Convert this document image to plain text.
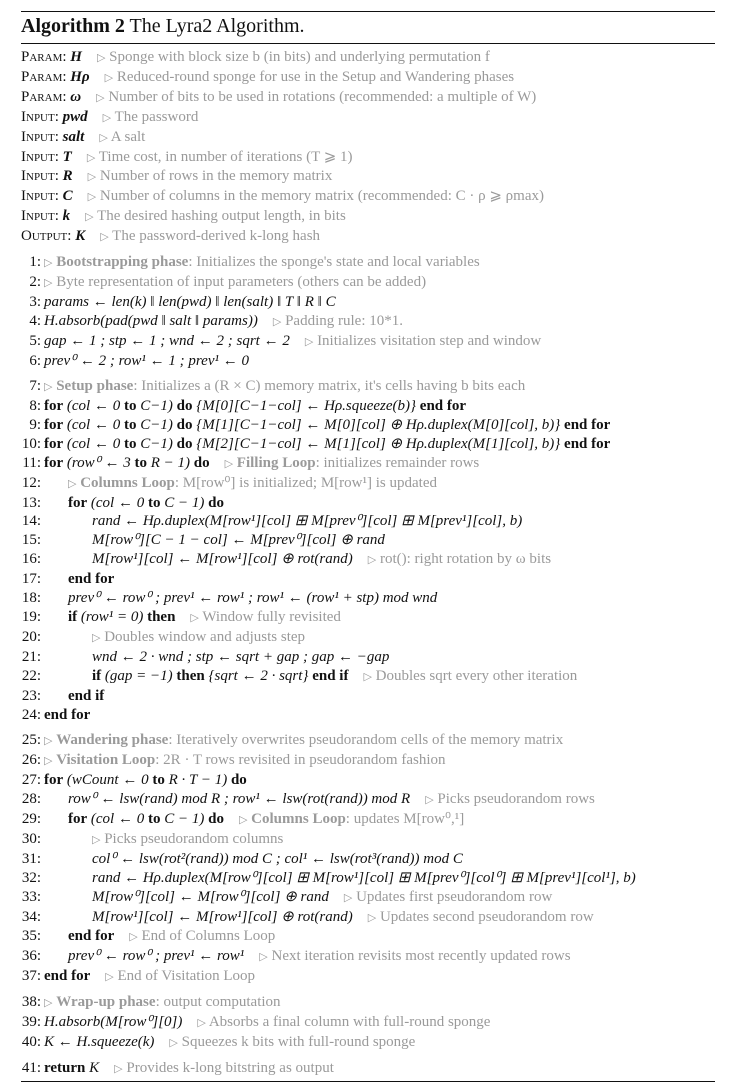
Algorithm 2 The Lyra2 Algorithm.
Param: H  ▷ Sponge with block size b (in bits) and underlying permutation f
Param: Hρ  ▷ Reduced-round sponge for use in the Setup and Wandering phases
Param: ω  ▷ Number of bits to be used in rotations (recommended: a multiple of W)
Input: pwd  ▷ The password
Input: salt  ▷ A salt
Input: T  ▷ Time cost, in number of iterations (T ⩾ 1)
Input: R  ▷ Number of rows in the memory matrix
Input: C  ▷ Number of columns in the memory matrix (recommended: C · ρ ⩾ ρmax)
Input: k  ▷ The desired hashing output length, in bits
Output: K  ▷ The password-derived k-long hash
1: ▷ Bootstrapping phase: Initializes the sponge's state and local variables
2: ▷ Byte representation of input parameters (others can be added)
3: params ← len(k) ‖ len(pwd) ‖ len(salt) ‖ T ‖ R ‖ C
4: H.absorb(pad(pwd ‖ salt ‖ params))  ▷ Padding rule: 10*1.
5: gap ← 1 ; stp ← 1 ; wnd ← 2 ; sqrt ← 2  ▷ Initializes visitation step and window
6: prev⁰ ← 2 ; row¹ ← 1 ; prev¹ ← 0
7: ▷ Setup phase: Initializes a (R × C) memory matrix, it's cells having b bits each
8: for (col ← 0 to C−1) do {M[0][C−1−col] ← Hρ.squeeze(b)} end for
9: for (col ← 0 to C−1) do {M[1][C−1−col] ← M[0][col] ⊕ Hρ.duplex(M[0][col], b)} end for
10: for (col ← 0 to C−1) do {M[2][C−1−col] ← M[1][col] ⊕ Hρ.duplex(M[1][col], b)} end for
11: for (row⁰ ← 3 to R − 1) do  ▷ Filling Loop: initializes remainder rows
12: ▷ Columns Loop: M[row⁰] is initialized; M[row¹] is updated
13: for (col ← 0 to C − 1) do
14:	rand ← Hρ.duplex(M[row¹][col] ⊞ M[prev⁰][col] ⊞ M[prev¹][col], b)
15:	M[row⁰][C − 1 − col] ← M[prev⁰][col] ⊕ rand
16:	M[row¹][col] ← M[row¹][col] ⊕ rot(rand)  ▷ rot(): right rotation by ω bits
17: end for
18: prev⁰ ← row⁰ ; prev¹ ← row¹ ; row¹ ← (row¹ + stp) mod wnd
19: if (row¹ = 0) then  ▷ Window fully revisited
20:	▷ Doubles window and adjusts step
21:	wnd ← 2 · wnd ; stp ← sqrt + gap ; gap ← −gap
22:	if (gap = −1) then {sqrt ← 2 · sqrt} end if  ▷ Doubles sqrt every other iteration
23: end if
24: end for
25: ▷ Wandering phase: Iteratively overwrites pseudorandom cells of the memory matrix
26: ▷ Visitation Loop: 2R · T rows revisited in pseudorandom fashion
27: for (wCount ← 0 to R · T − 1) do
28: row⁰ ← lsw(rand) mod R ; row¹ ← lsw(rot(rand)) mod R  ▷ Picks pseudorandom rows
29: for (col ← 0 to C − 1) do  ▷ Columns Loop: updates M[row⁰,¹]
30:	▷ Picks pseudorandom columns
31:	col⁰ ← lsw(rot²(rand)) mod C ; col¹ ← lsw(rot³(rand)) mod C
32:	rand ← Hρ.duplex(M[row⁰][col] ⊞ M[row¹][col] ⊞ M[prev⁰][col⁰] ⊞ M[prev¹][col¹], b)
33:	M[row⁰][col] ← M[row⁰][col] ⊕ rand  ▷ Updates first pseudorandom row
34:	M[row¹][col] ← M[row¹][col] ⊕ rot(rand)  ▷ Updates second pseudorandom row
35: end for  ▷ End of Columns Loop
36: prev⁰ ← row⁰ ; prev¹ ← row¹  ▷ Next iteration revisits most recently updated rows
37: end for  ▷ End of Visitation Loop
38: ▷ Wrap-up phase: output computation
39: H.absorb(M[row⁰][0])  ▷ Absorbs a final column with full-round sponge
40: K ← H.squeeze(k)  ▷ Squeezes k bits with full-round sponge
41: return K  ▷ Provides k-long bitstring as output
